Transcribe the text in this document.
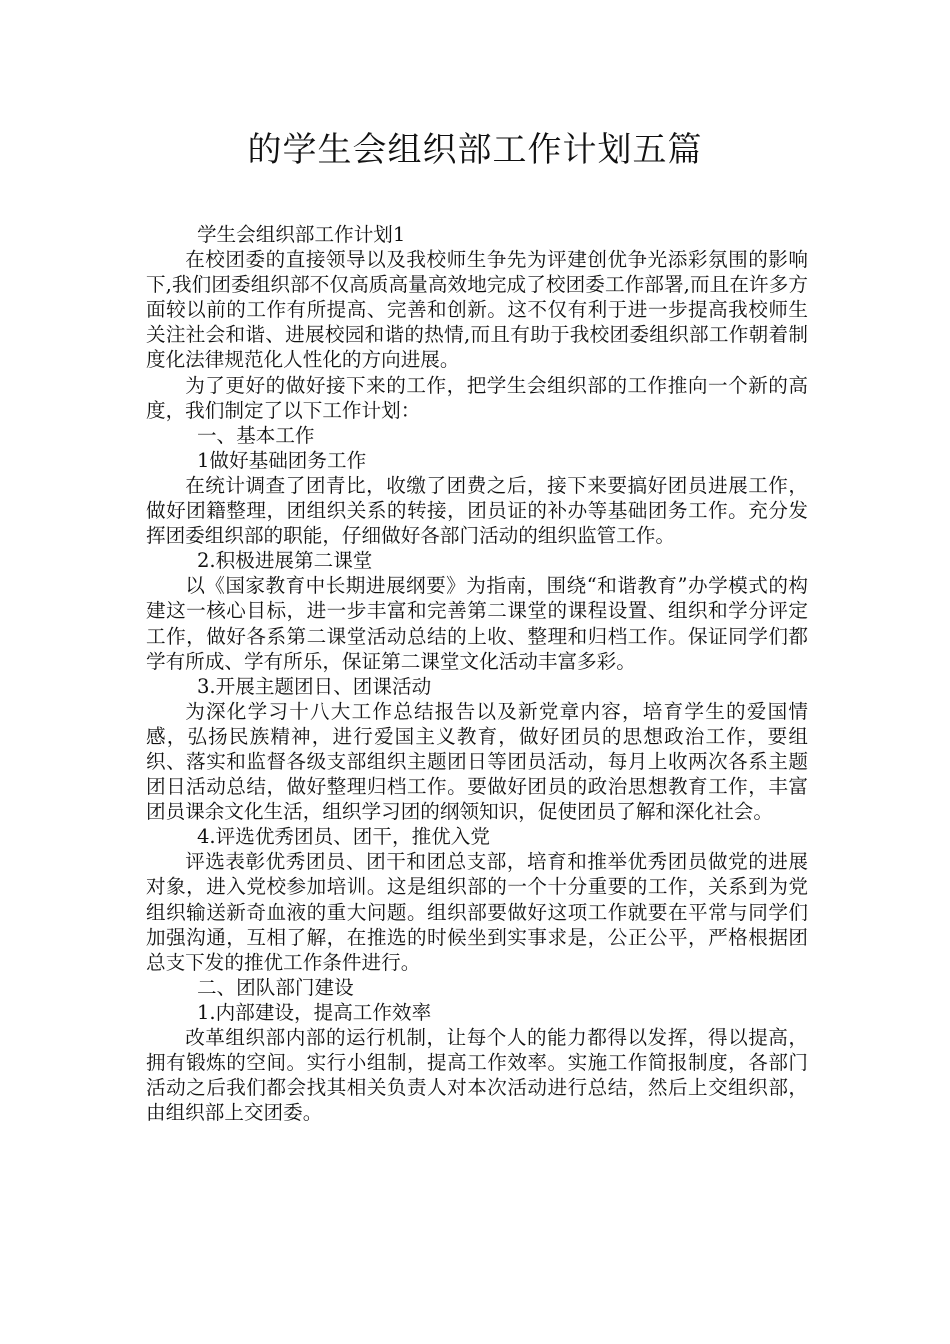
的学生会组织部工作计划五篇

学生会组织部工作计划1

在校团委的直接领导以及我校师生争先为评建创优争光添彩氛围的影响下,我们团委组织部不仅高质高量高效地完成了校团委工作部署,而且在许多方面较以前的工作有所提高、完善和创新。这不仅有利于进一步提高我校师生关注社会和谐、进展校园和谐的热情,而且有助于我校团委组织部工作朝着制度化法律规范化人性化的方向进展。

为了更好的做好接下来的工作，把学生会组织部的工作推向一个新的高度，我们制定了以下工作计划：

一、基本工作

1做好基础团务工作

在统计调查了团青比，收缴了团费之后，接下来要搞好团员进展工作，做好团籍整理，团组织关系的转接，团员证的补办等基础团务工作。充分发挥团委组织部的职能，仔细做好各部门活动的组织监管工作。

2.积极进展第二课堂

以《国家教育中长期进展纲要》为指南，围绕“和谐教育”办学模式的构建这一核心目标，进一步丰富和完善第二课堂的课程设置、组织和学分评定工作，做好各系第二课堂活动总结的上收、整理和归档工作。保证同学们都学有所成、学有所乐，保证第二课堂文化活动丰富多彩。

3.开展主题团日、团课活动

为深化学习十八大工作总结报告以及新党章内容，培育学生的爱国情感，弘扬民族精神，进行爱国主义教育，做好团员的思想政治工作，要组织、落实和监督各级支部组织主题团日等团员活动，每月上收两次各系主题团日活动总结，做好整理归档工作。要做好团员的政治思想教育工作，丰富团员课余文化生活，组织学习团的纲领知识，促使团员了解和深化社会。

4.评选优秀团员、团干，推优入党

评选表彰优秀团员、团干和团总支部，培育和推举优秀团员做党的进展对象，进入党校参加培训。这是组织部的一个十分重要的工作，关系到为党组织输送新奇血液的重大问题。组织部要做好这项工作就要在平常与同学们加强沟通，互相了解，在推选的时候坐到实事求是，公正公平，严格根据团总支下发的推优工作条件进行。

二、团队部门建设

1.内部建设，提高工作效率

改革组织部内部的运行机制，让每个人的能力都得以发挥，得以提高，拥有锻炼的空间。实行小组制，提高工作效率。实施工作简报制度，各部门活动之后我们都会找其相关负责人对本次活动进行总结，然后上交组织部，由组织部上交团委。
